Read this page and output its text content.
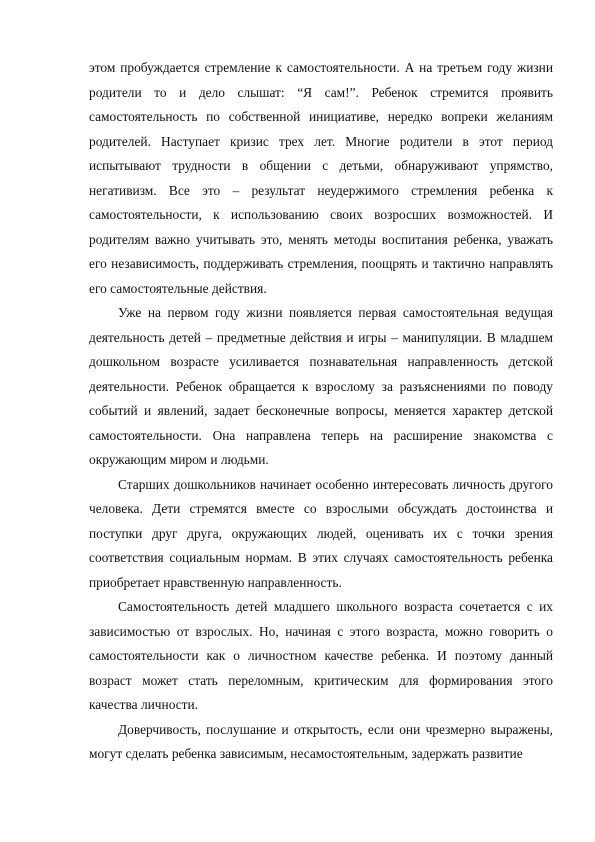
этом пробуждается стремление к самостоятельности. А на третьем году жизни родители то и дело слышат: “Я сам!”. Ребенок стремится проявить самостоятельность по собственной инициативе, нередко вопреки желаниям родителей. Наступает кризис трех лет. Многие родители в этот период испытывают трудности в общении с детьми, обнаруживают упрямство, негативизм. Все это – результат неудержимого стремления ребенка к самостоятельности, к использованию своих возросших возможностей. И родителям важно учитывать это, менять методы воспитания ребенка, уважать его независимость, поддерживать стремления, поощрять и тактично направлять его самостоятельные действия.

Уже на первом году жизни появляется первая самостоятельная ведущая деятельность детей – предметные действия и игры – манипуляции. В младшем дошкольном возрасте усиливается познавательная направленность детской деятельности. Ребенок обращается к взрослому за разъяснениями по поводу событий и явлений, задает бесконечные вопросы, меняется характер детской самостоятельности. Она направлена теперь на расширение знакомства с окружающим миром и людьми.

Старших дошкольников начинает особенно интересовать личность другого человека. Дети стремятся вместе со взрослыми обсуждать достоинства и поступки друг друга, окружающих людей, оценивать их с точки зрения соответствия социальным нормам. В этих случаях самостоятельность ребенка приобретает нравственную направленность.

Самостоятельность детей младшего школьного возраста сочетается с их зависимостью от взрослых. Но, начиная с этого возраста, можно говорить о самостоятельности как о личностном качестве ребенка. И поэтому данный возраст может стать переломным, критическим для формирования этого качества личности.

Доверчивость, послушание и открытость, если они чрезмерно выражены, могут сделать ребенка зависимым, несамостоятельным, задержать развитие
